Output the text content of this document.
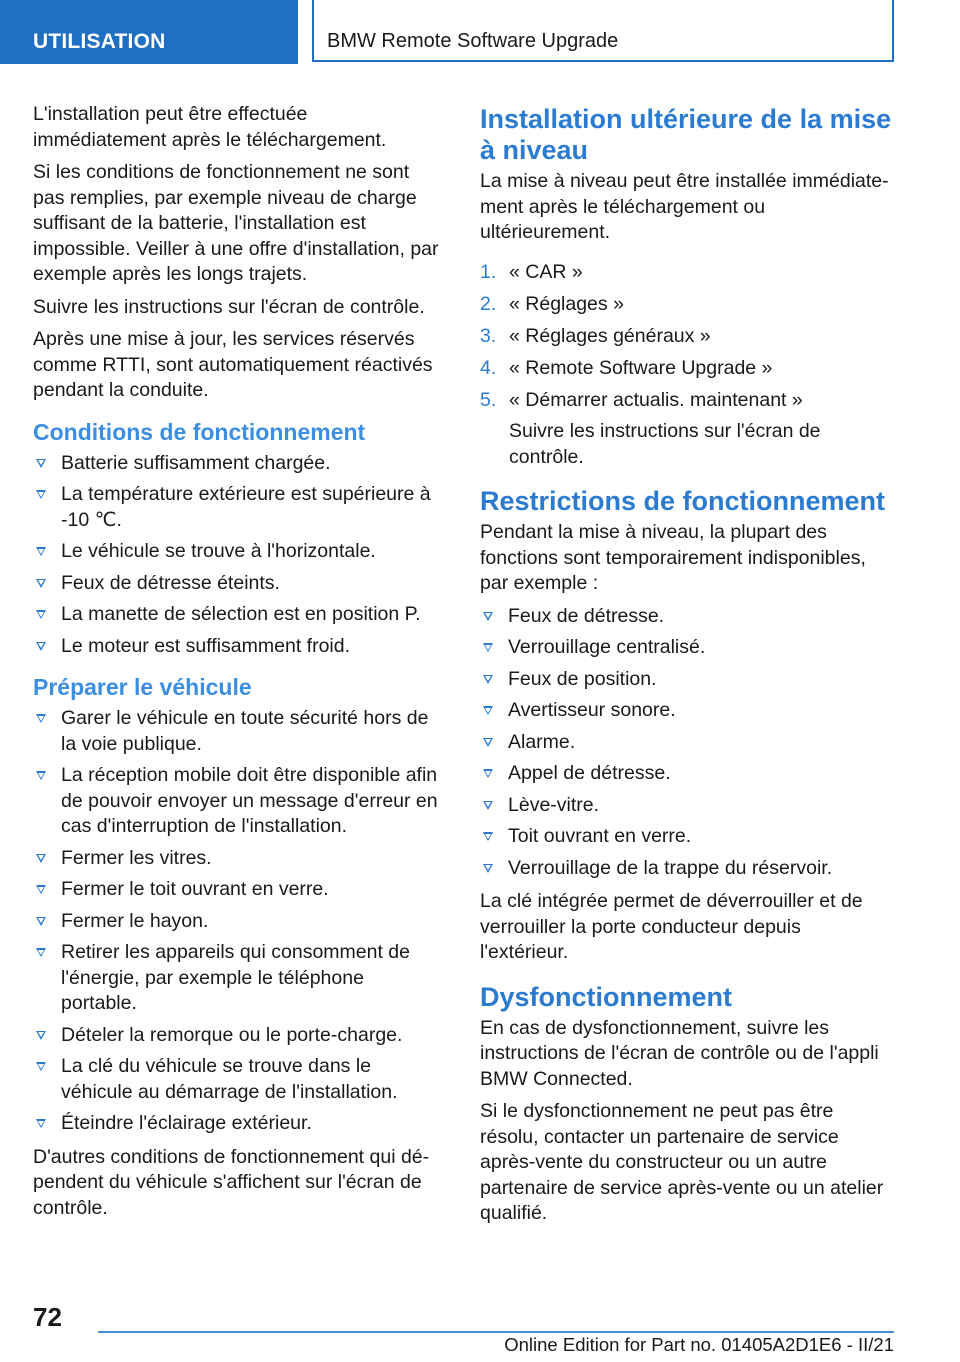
UTILISATION	BMW Remote Software Upgrade

L'installation peut être effectuée immédiatement après le téléchargement.

Si les conditions de fonctionnement ne sont pas remplies, par exemple niveau de charge suffisant de la batterie, l'installation est impossible. Veiller à une offre d'installation, par exemple après les longs trajets.

Suivre les instructions sur l'écran de contrôle.

Après une mise à jour, les services réservés comme RTTI, sont automatiquement réactivés pendant la conduite.

Conditions de fonctionnement
Batterie suffisamment chargée.
La température extérieure est supérieure à -10 ℃.
Le véhicule se trouve à l'horizontale.
Feux de détresse éteints.
La manette de sélection est en position P.
Le moteur est suffisamment froid.
Préparer le véhicule
Garer le véhicule en toute sécurité hors de la voie publique.
La réception mobile doit être disponible afin de pouvoir envoyer un message d'erreur en cas d'interruption de l'installation.
Fermer les vitres.
Fermer le toit ouvrant en verre.
Fermer le hayon.
Retirer les appareils qui consomment de l'énergie, par exemple le téléphone portable.
Dételer la remorque ou le porte-charge.
La clé du véhicule se trouve dans le véhicule au démarrage de l'installation.
Éteindre l'éclairage extérieur.

D'autres conditions de fonctionnement qui dépendent du véhicule s'affichent sur l'écran de contrôle.

Installation ultérieure de la mise à niveau

La mise à niveau peut être installée immédiatement après le téléchargement ou ultérieurement.

1. « CAR »
2. « Réglages »
3. « Réglages généraux »
4. « Remote Software Upgrade »
5. « Démarrer actualis. maintenant »

Suivre les instructions sur l'écran de contrôle.

Restrictions de fonctionnement

Pendant la mise à niveau, la plupart des fonctions sont temporairement indisponibles, par exemple :

Feux de détresse.
Verrouillage centralisé.
Feux de position.
Avertisseur sonore.
Alarme.
Appel de détresse.
Lève-vitre.
Toit ouvrant en verre.
Verrouillage de la trappe du réservoir.

La clé intégrée permet de déverrouiller et de verrouiller la porte conducteur depuis l'extérieur.

Dysfonctionnement

En cas de dysfonctionnement, suivre les instructions de l'écran de contrôle ou de l'appli BMW Connected.

Si le dysfonctionnement ne peut pas être résolu, contacter un partenaire de service après-vente du constructeur ou un autre partenaire de service après-vente ou un atelier qualifié.

72
Online Edition for Part no. 01405A2D1E6 - II/21
